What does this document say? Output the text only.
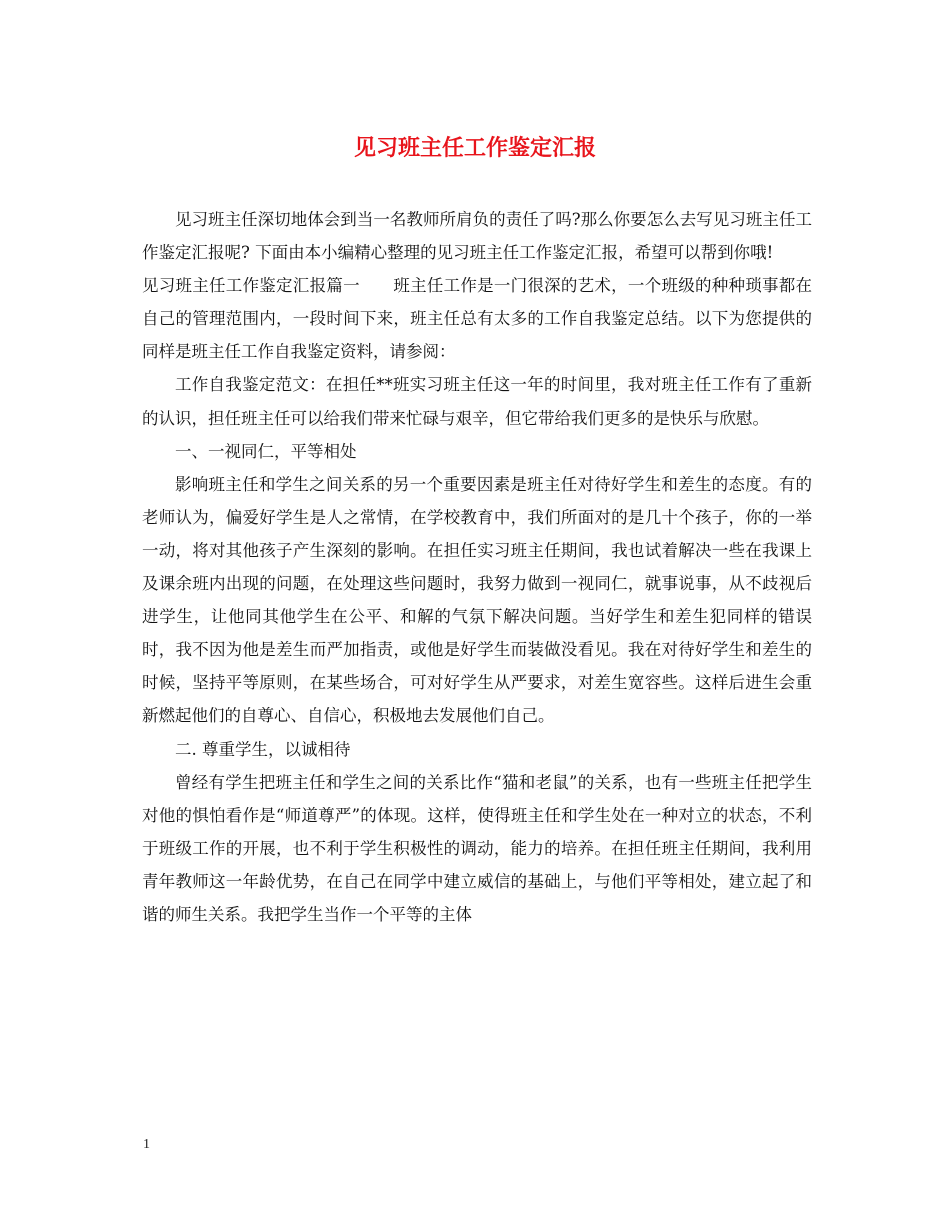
见习班主任工作鉴定汇报

见习班主任深切地体会到当一名教师所肩负的责任了吗?那么你要怎么去写见习班主任工作鉴定汇报呢? 下面由本小编精心整理的见习班主任工作鉴定汇报，希望可以帮到你哦!

见习班主任工作鉴定汇报篇一　　班主任工作是一门很深的艺术，一个班级的种种琐事都在自己的管理范围内，一段时间下来，班主任总有太多的工作自我鉴定总结。以下为您提供的同样是班主任工作自我鉴定资料，请参阅：

工作自我鉴定范文：在担任**班实习班主任这一年的时间里，我对班主任工作有了重新的认识，担任班主任可以给我们带来忙碌与艰辛，但它带给我们更多的是快乐与欣慰。

一、一视同仁，平等相处

影响班主任和学生之间关系的另一个重要因素是班主任对待好学生和差生的态度。有的老师认为，偏爱好学生是人之常情，在学校教育中，我们所面对的是几十个孩子，你的一举一动，将对其他孩子产生深刻的影响。在担任实习班主任期间，我也试着解决一些在我课上及课余班内出现的问题，在处理这些问题时，我努力做到一视同仁，就事说事，从不歧视后进学生，让他同其他学生在公平、和解的气氛下解决问题。当好学生和差生犯同样的错误时，我不因为他是差生而严加指责，或他是好学生而装做没看见。我在对待好学生和差生的时候，坚持平等原则，在某些场合，可对好学生从严要求，对差生宽容些。这样后进生会重新燃起他们的自尊心、自信心，积极地去发展他们自己。

二. 尊重学生，以诚相待

曾经有学生把班主任和学生之间的关系比作“猫和老鼠”的关系，也有一些班主任把学生对他的惧怕看作是“师道尊严”的体现。这样，使得班主任和学生处在一种对立的状态，不利于班级工作的开展，也不利于学生积极性的调动，能力的培养。在担任班主任期间，我利用青年教师这一年龄优势，在自己在同学中建立威信的基础上，与他们平等相处，建立起了和谐的师生关系。我把学生当作一个平等的主体

1
